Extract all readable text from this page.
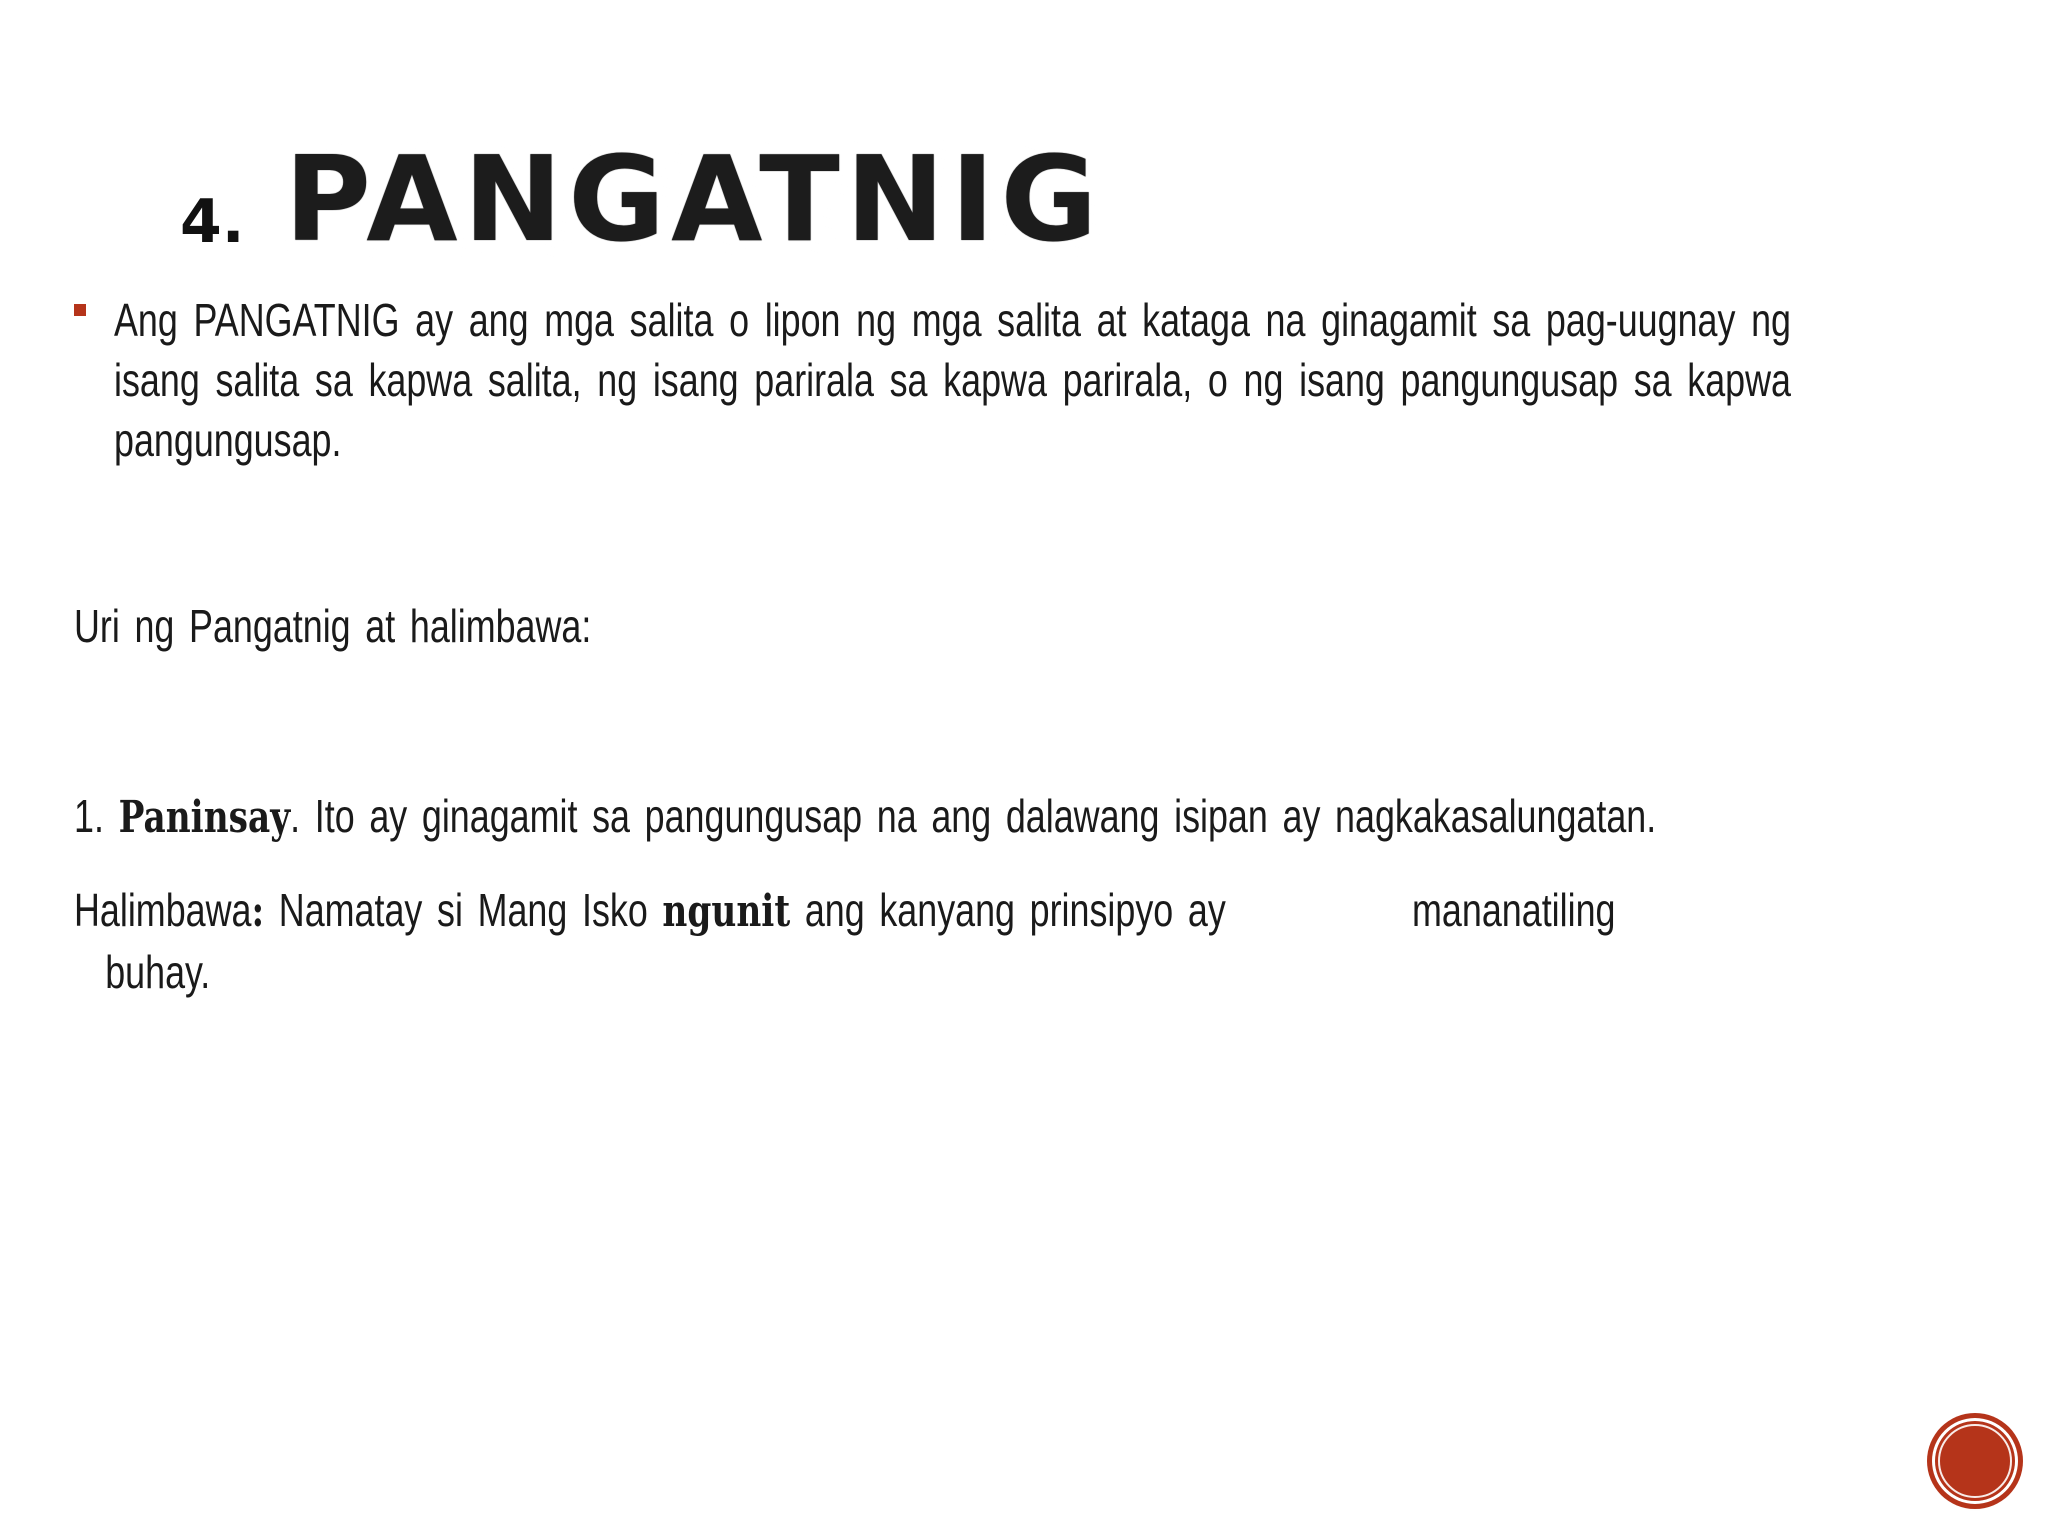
4. PANGATNIG
Ang PANGATNIG ay ang mga salita o lipon ng mga salita at kataga na ginagamit sa pag-uugnay ng isang salita sa kapwa salita, ng isang parirala sa kapwa parirala, o ng isang pangungusap sa kapwa pangungusap.
Uri ng Pangatnig at halimbawa:
1. Paninsay. Ito ay ginagamit sa pangungusap na ang dalawang isipan ay nagkakasalungatan.
Halimbawa: Namatay si Mang Isko ngunit ang kanyang prinsipyo ay	mananatiling
buhay.
